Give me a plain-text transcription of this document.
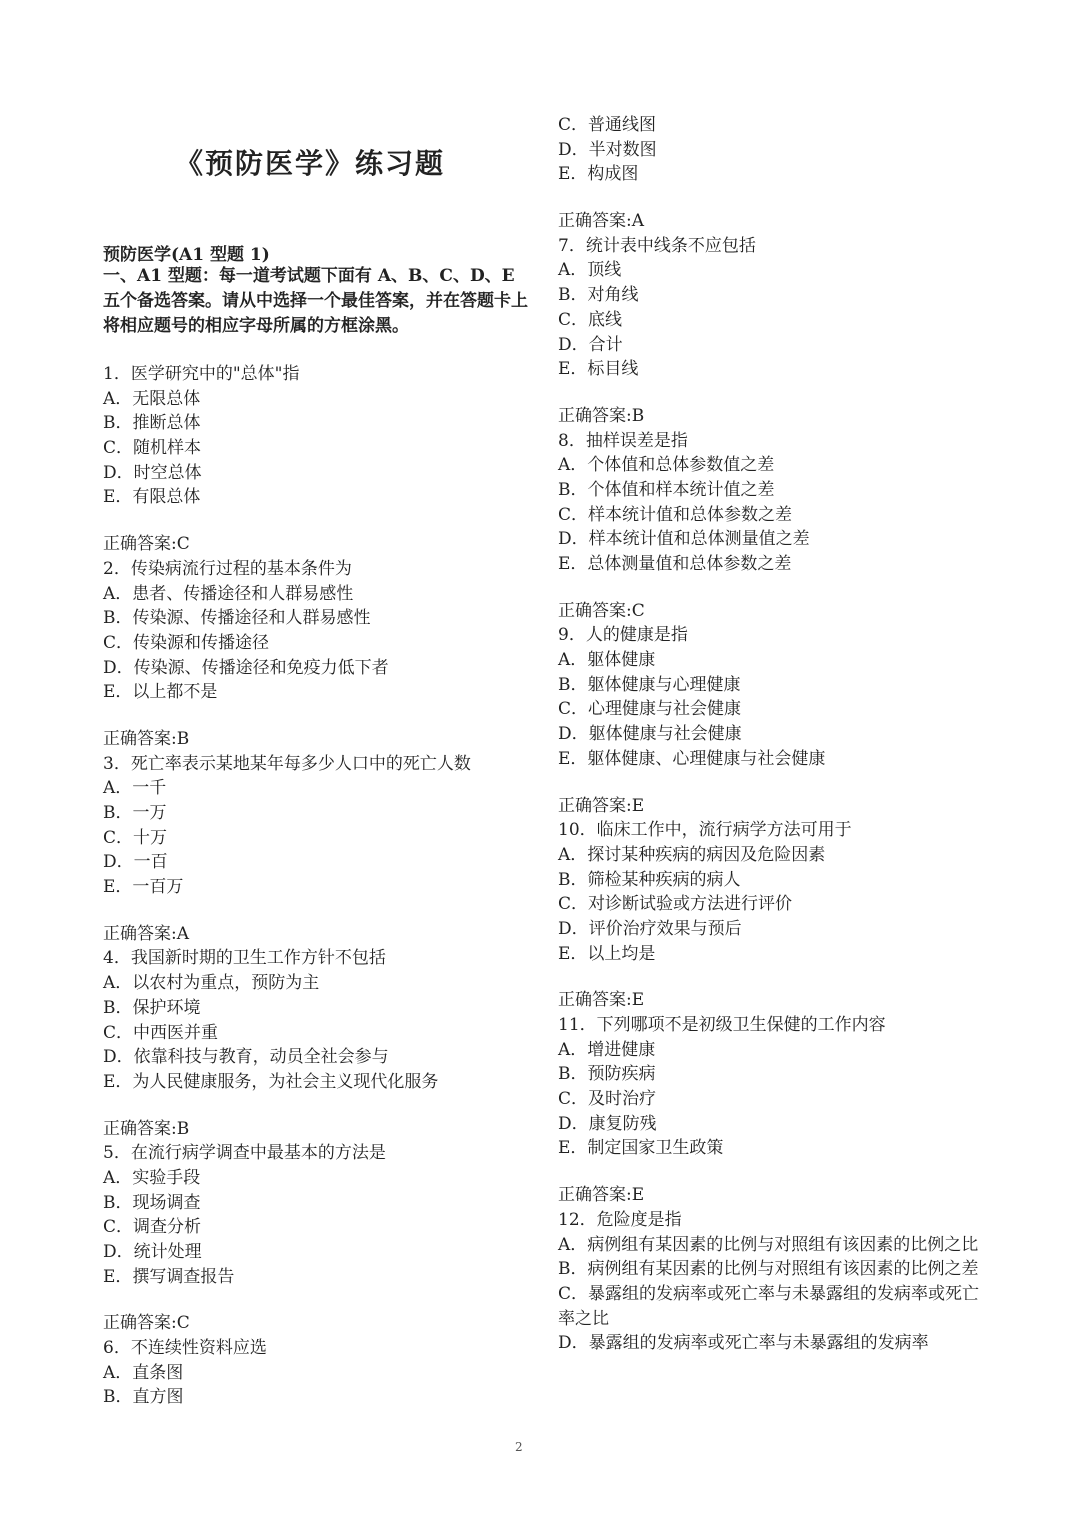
《预防医学》练习题
预防医学(A1 型题 1)
一、A1 型题：每一道考试题下面有 A、B、C、D、E 五个备选答案。请从中选择一个最佳答案，并在答题卡上将相应题号的相应字母所属的方框涂黑。
1．医学研究中的"总体"指
A．无限总体
B．推断总体
C．随机样本
D．时空总体
E．有限总体
正确答案:C
2．传染病流行过程的基本条件为
A．患者、传播途径和人群易感性
B．传染源、传播途径和人群易感性
C．传染源和传播途径
D．传染源、传播途径和免疫力低下者
E．以上都不是
正确答案:B
3．死亡率表示某地某年每多少人口中的死亡人数
A．一千
B．一万
C．十万
D．一百
E．一百万
正确答案:A
4．我国新时期的卫生工作方针不包括
A．以农村为重点，预防为主
B．保护环境
C．中西医并重
D．依靠科技与教育，动员全社会参与
E．为人民健康服务，为社会主义现代化服务
正确答案:B
5．在流行病学调查中最基本的方法是
A．实验手段
B．现场调查
C．调查分析
D．统计处理
E．撰写调查报告
正确答案:C
6．不连续性资料应选
A．直条图
B．直方图
C．普通线图
D．半对数图
E．构成图
正确答案:A
7．统计表中线条不应包括
A．顶线
B．对角线
C．底线
D．合计
E．标目线
正确答案:B
8．抽样误差是指
A．个体值和总体参数值之差
B．个体值和样本统计值之差
C．样本统计值和总体参数之差
D．样本统计值和总体测量值之差
E．总体测量值和总体参数之差
正确答案:C
9．人的健康是指
A．躯体健康
B．躯体健康与心理健康
C．心理健康与社会健康
D．躯体健康与社会健康
E．躯体健康、心理健康与社会健康
正确答案:E
10．临床工作中，流行病学方法可用于
A．探讨某种疾病的病因及危险因素
B．筛检某种疾病的病人
C．对诊断试验或方法进行评价
D．评价治疗效果与预后
E．以上均是
正确答案:E
11．下列哪项不是初级卫生保健的工作内容
A．增进健康
B．预防疾病
C．及时治疗
D．康复防残
E．制定国家卫生政策
正确答案:E
12．危险度是指
A．病例组有某因素的比例与对照组有该因素的比例之比
B．病例组有某因素的比例与对照组有该因素的比例之差
C．暴露组的发病率或死亡率与未暴露组的发病率或死亡率之比
D．暴露组的发病率或死亡率与未暴露组的发病率
2
